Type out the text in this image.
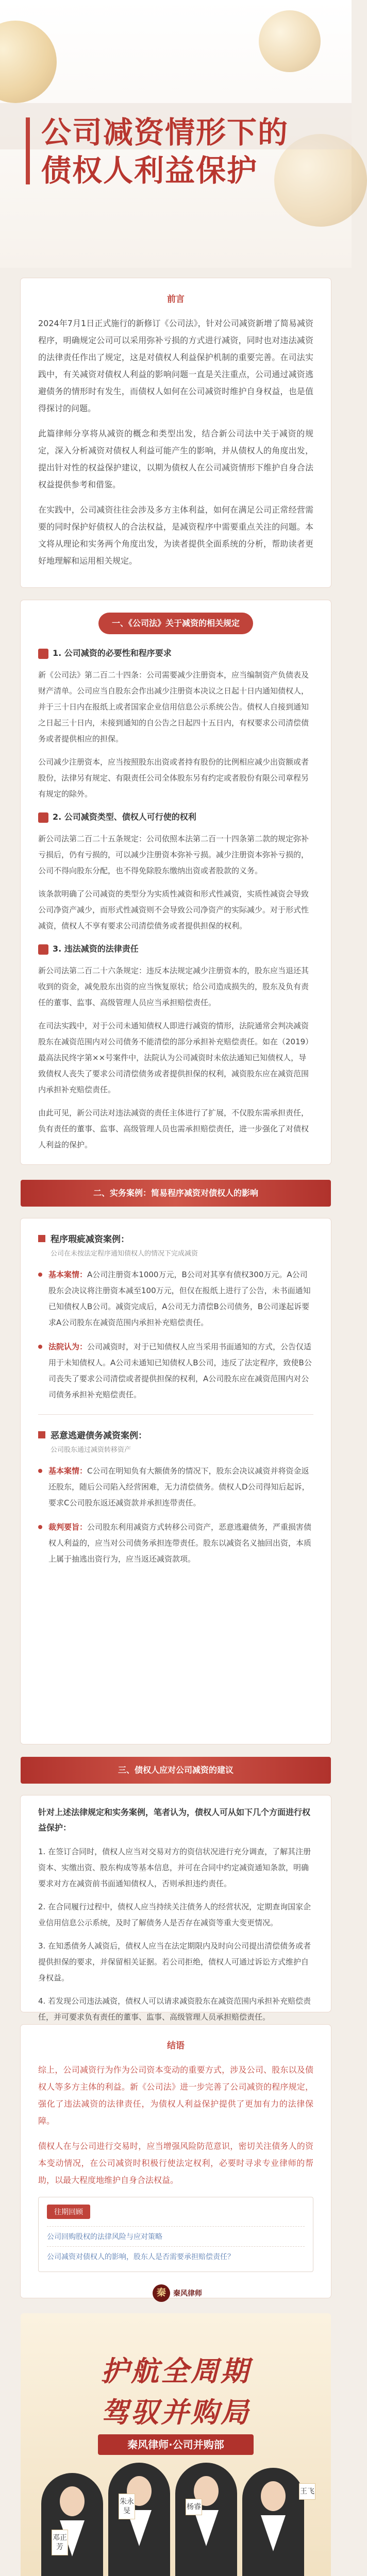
公司减资情形下的
债权人利益保护
前言

2024年7月1日正式施行的新修订《公司法》，针对公司减资新增了简易减资程序，明确规定公司可以采用弥补亏损的方式进行减资，同时也对违法减资的法律责任作出了规定，这是对债权人利益保护机制的重要完善。在司法实践中，有关减资对债权人利益的影响问题一直是关注重点，公司通过减资逃避债务的情形时有发生，而债权人如何在公司减资时维护自身权益，也是值得探讨的问题。

此篇律师分享将从减资的概念和类型出发，结合新公司法中关于减资的规定，深入分析减资对债权人利益可能产生的影响，并从债权人的角度出发，提出针对性的权益保护建议，以期为债权人在公司减资情形下维护自身合法权益提供参考和借鉴。

在实践中，公司减资往往会涉及多方主体利益，如何在满足公司正常经营需要的同时保护好债权人的合法权益，是减资程序中需要重点关注的问题。本文将从理论和实务两个角度出发，为读者提供全面系统的分析，帮助读者更好地理解和运用相关规定。

一、《公司法》关于减资的相关规定
1. 公司减资的必要性和程序要求

新《公司法》第二百二十四条：公司需要减少注册资本，应当编制资产负债表及财产清单。公司应当自股东会作出减少注册资本决议之日起十日内通知债权人，并于三十日内在报纸上或者国家企业信用信息公示系统公告。债权人自接到通知之日起三十日内，未接到通知的自公告之日起四十五日内，有权要求公司清偿债务或者提供相应的担保。

公司减少注册资本，应当按照股东出资或者持有股份的比例相应减少出资额或者股份，法律另有规定、有限责任公司全体股东另有约定或者股份有限公司章程另有规定的除外。

2. 公司减资类型、债权人可行使的权利

新公司法第二百二十五条规定：公司依照本法第二百一十四条第二款的规定弥补亏损后，仍有亏损的，可以减少注册资本弥补亏损。减少注册资本弥补亏损的，公司不得向股东分配，也不得免除股东缴纳出资或者股款的义务。

该条款明确了公司减资的类型分为实质性减资和形式性减资，实质性减资会导致公司净资产减少，而形式性减资则不会导致公司净资产的实际减少。对于形式性减资，债权人不享有要求公司清偿债务或者提供担保的权利。

3. 违法减资的法律责任

新公司法第二百二十六条规定：违反本法规定减少注册资本的，股东应当退还其收到的资金，减免股东出资的应当恢复原状；给公司造成损失的，股东及负有责任的董事、监事、高级管理人员应当承担赔偿责任。

在司法实践中，对于公司未通知债权人即进行减资的情形，法院通常会判决减资股东在减资范围内对公司债务不能清偿的部分承担补充赔偿责任。如在（2019）最高法民终字第××号案件中，法院认为公司减资时未依法通知已知债权人，导致债权人丧失了要求公司清偿债务或者提供担保的权利，减资股东应在减资范围内承担补充赔偿责任。

由此可见，新公司法对违法减资的责任主体进行了扩展，不仅股东需承担责任，负有责任的董事、监事、高级管理人员也需承担赔偿责任，进一步强化了对债权人利益的保护。

二、实务案例：简易程序减资对债权人的影响
程序瑕疵减资案例：
公司在未按法定程序通知债权人的情况下完成减资
基本案情：A公司注册资本1000万元，B公司对其享有债权300万元。A公司股东会决议将注册资本减至100万元，但仅在报纸上进行了公告，未书面通知已知债权人B公司。减资完成后，A公司无力清偿B公司债务，B公司遂起诉要求A公司股东在减资范围内承担补充赔偿责任。
法院认为：公司减资时，对于已知债权人应当采用书面通知的方式，公告仅适用于未知债权人。A公司未通知已知债权人B公司，违反了法定程序，致使B公司丧失了要求公司清偿或者提供担保的权利，A公司股东应在减资范围内对公司债务承担补充赔偿责任。
恶意逃避债务减资案例：
公司股东通过减资转移资产
基本案情：C公司在明知负有大额债务的情况下，股东会决议减资并将资金返还股东，随后公司陷入经营困难，无力清偿债务。债权人D公司得知后起诉，要求C公司股东返还减资款并承担连带责任。
裁判要旨：公司股东利用减资方式转移公司资产，恶意逃避债务，严重损害债权人利益的，应当对公司债务承担连带责任。股东以减资名义抽回出资，本质上属于抽逃出资行为，应当返还减资款项。
三、债权人应对公司减资的建议

针对上述法律规定和实务案例，笔者认为，债权人可从如下几个方面进行权益保护：

1. 在签订合同时，债权人应当对交易对方的资信状况进行充分调查，了解其注册资本、实缴出资、股东构成等基本信息，并可在合同中约定减资通知条款，明确要求对方在减资前书面通知债权人，否则承担违约责任。

2. 在合同履行过程中，债权人应当持续关注债务人的经营状况，定期查询国家企业信用信息公示系统，及时了解债务人是否存在减资等重大变更情况。

3. 在知悉债务人减资后，债权人应当在法定期限内及时向公司提出清偿债务或者提供担保的要求，并保留相关证据。若公司拒绝，债权人可通过诉讼方式维护自身权益。

4. 若发现公司违法减资，债权人可以请求减资股东在减资范围内承担补充赔偿责任，并可要求负有责任的董事、监事、高级管理人员承担赔偿责任。

结语

综上，公司减资行为作为公司资本变动的重要方式，涉及公司、股东以及债权人等多方主体的利益。新《公司法》进一步完善了公司减资的程序规定，强化了违法减资的法律责任，为债权人利益保护提供了更加有力的法律保障。

债权人在与公司进行交易时，应当增强风险防范意识，密切关注债务人的资本变动情况，在公司减资时积极行使法定权利，必要时寻求专业律师的帮助，以最大程度地维护自身合法权益。

往期回顾
公司回购股权的法律风险与应对策略
公司减资对债权人的影响，股东人是否需要承担赔偿责任？
秦秦风律师
护航全周期
驾驭并购局
秦风律师·公司并购部
邓正芳
朱永旻	杨睿
王飞
